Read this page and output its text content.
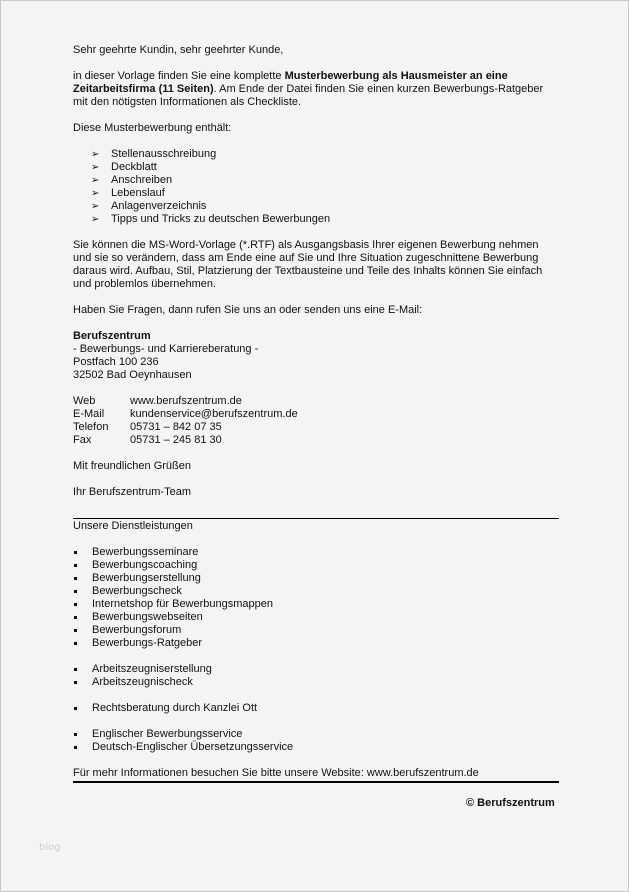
Sehr geehrte Kundin, sehr geehrter Kunde,

in dieser Vorlage finden Sie eine komplette Musterbewerbung als Hausmeister an eine

Zeitarbeitsfirma (11 Seiten). Am Ende der Datei finden Sie einen kurzen Bewerbungs-Ratgeber

mit den nötigsten Informationen als Checkliste.

Diese Musterbewerbung enthält:

➢ Stellenausschreibung
➢ Deckblatt
➢ Anschreiben
➢ Lebenslauf
➢ Anlagenverzeichnis
➢ Tipps und Tricks zu deutschen Bewerbungen

Sie können die MS-Word-Vorlage (*.RTF) als Ausgangsbasis Ihrer eigenen Bewerbung nehmen

und sie so verändern, dass am Ende eine auf Sie und Ihre Situation zugeschnittene Bewerbung

daraus wird. Aufbau, Stil, Platzierung der Textbausteine und Teile des Inhalts können Sie einfach

und problemlos übernehmen.

Haben Sie Fragen, dann rufen Sie uns an oder senden uns eine E-Mail:

Berufszentrum

- Bewerbungs- und Karriereberatung -

Postfach 100 236

32502 Bad Oeynhausen

Web	www.berufszentrum.de
E-Mail	kundenservice@berufszentrum.de
Telefon	05731 – 842 07 35
Fax	05731 – 245 81 30

Mit freundlichen Grüßen

Ihr Berufszentrum-Team

Unsere Dienstleistungen

Bewerbungsseminare
Bewerbungscoaching
Bewerbungserstellung
Bewerbungscheck
Internetshop für Bewerbungsmappen
Bewerbungswebseiten
Bewerbungsforum
Bewerbungs-Ratgeber
Arbeitszeugniserstellung
Arbeitszeugnischeck
Rechtsberatung durch Kanzlei Ott
Englischer Bewerbungsservice
Deutsch-Englischer Übersetzungsservice

Für mehr Informationen besuchen Sie bitte unsere Website: www.berufszentrum.de

© Berufszentrum
blog
